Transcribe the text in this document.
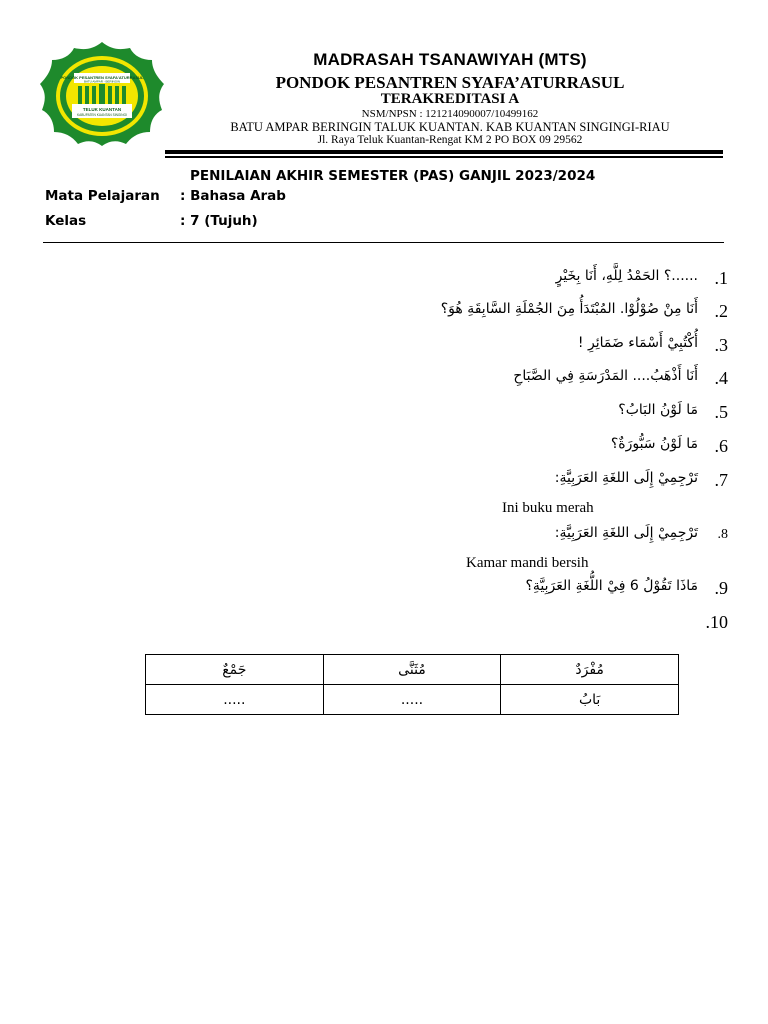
PONDOK PESANTREN SYAFA'ATURRASUL
BATU AMPAR - BERINGIN
TELUK KUANTAN
KABUPATEN KUANTAN SINGINGI
MADRASAH TSANAWIYAH (MTS)
PONDOK PESANTREN SYAFA’ATURRASUL
TERAKREDITASI A
NSM/NPSN : 121214090007/10499162
BATU AMPAR BERINGIN TALUK KUANTAN. KAB KUANTAN SINGINGI-RIAU
Jl. Raya Teluk Kuantan-Rengat KM 2 PO BOX 09 29562
PENILAIAN AKHIR SEMESTER (PAS) GANJIL 2023/2024
Mata Pelajaran : Bahasa Arab
Kelas	: 7 (Tujuh)
.1
......؟ الحَمْدُ لِلَّهِ، أَنَا بِخَيْرٍ
.2
أَنَا مِنْ صُوْلُوْا. المُبْتَدَأُ مِنَ الجُمْلَةِ السَّابِقَةِ هُوَ؟
.3
أُكْتُبِيْ أَسْمَاء ضَمَائِرِ !
.4
أَنَا أَذْهَبُ.... المَدْرَسَةِ فِي الصَّبَاحِ
.5
مَا لَوْنُ البَابُ؟
.6
مَا لَوْنُ سَبُّورَةٌ؟
.7
تَرْجِمِيْ إِلَى اللغَةِ العَرَبِيَّةِ:
Ini buku merah
.8
تَرْجِمِيْ إِلَى اللغَةِ العَرَبِيَّةِ:
Kamar mandi bersih
.9
مَاذَا تَقُوْلُ 6 فِيْ اللُّغَةِ العَرَبِيَّةِ؟
.10
جَمْعٌ	مُثَنَّى	مُفْرَدٌ
.....	.....	بَابُ
